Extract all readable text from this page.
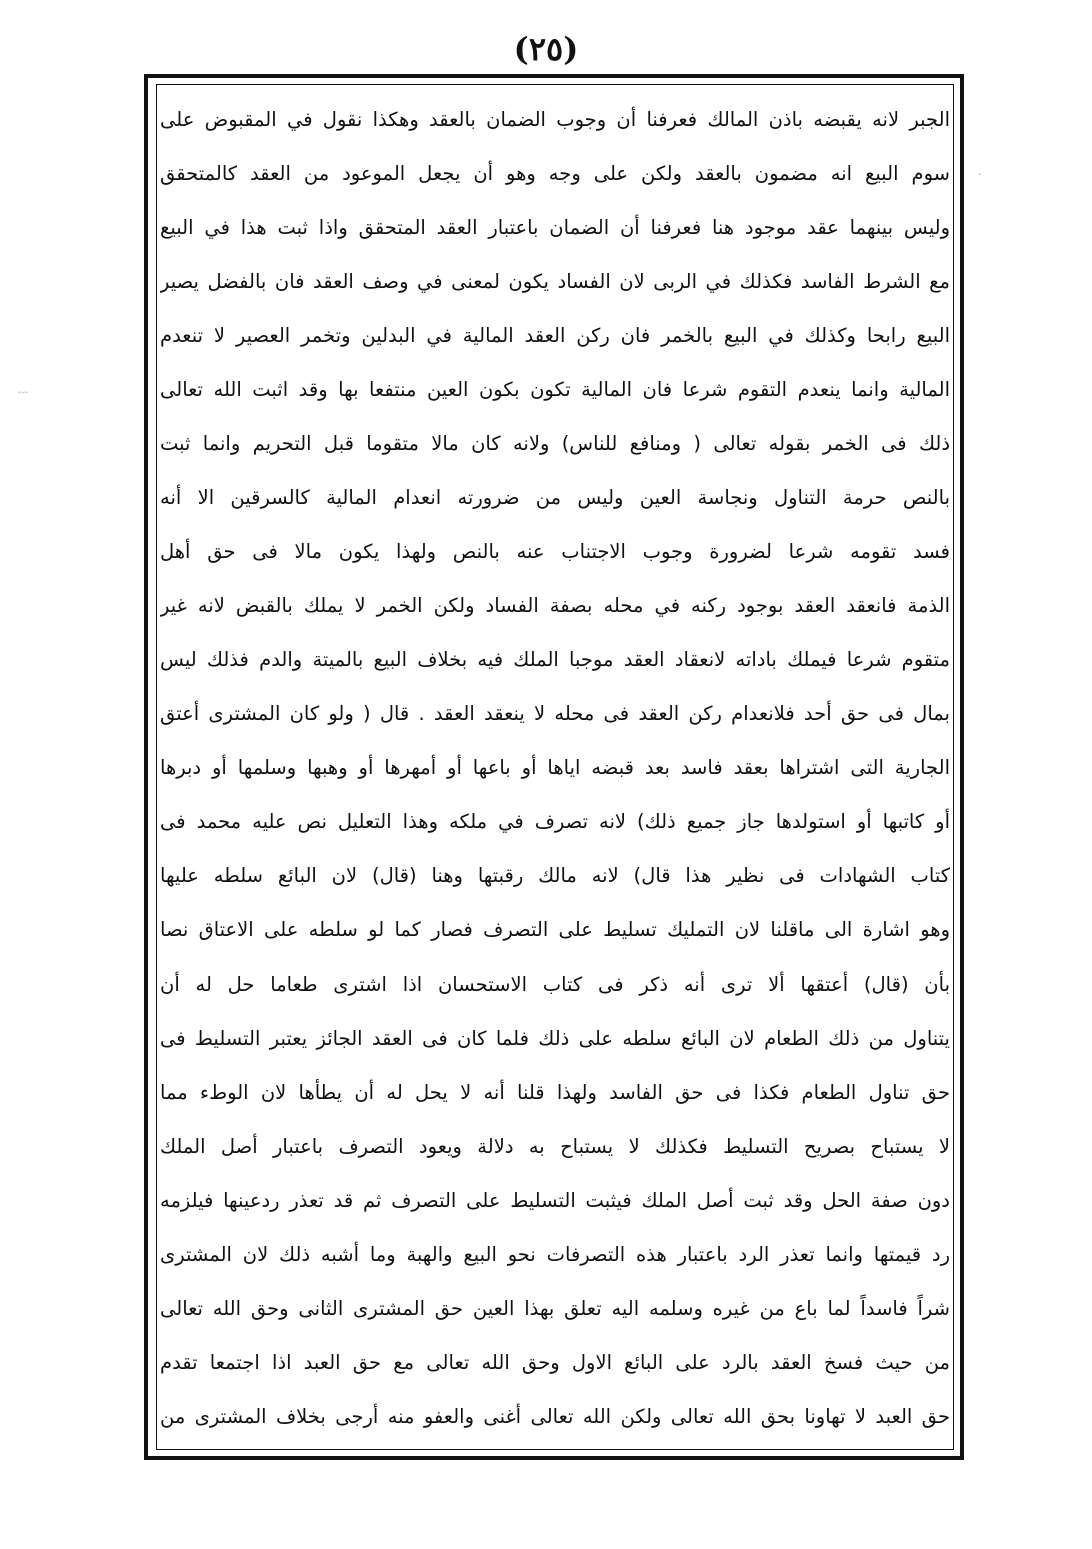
(٢٥)
﹏
·
الجبر لانه يقبضه باذن المالك فعرفنا أن وجوب الضمان بالعقد وهكذا نقول في المقبوض على
سوم البيع انه مضمون بالعقد ولكن على وجه وهو أن يجعل الموعود من العقد كالمتحقق
وليس بينهما عقد موجود هنا فعرفنا أن الضمان باعتبار العقد المتحقق واذا ثبت هذا في البيع
مع الشرط الفاسد فكذلك في الربى لان الفساد يكون لمعنى في وصف العقد فان بالفضل يصير
البيع رابحا وكذلك في البيع بالخمر فان ركن العقد المالية في البدلين وتخمر العصير لا تنعدم
المالية وانما ينعدم التقوم شرعا فان المالية تكون بكون العين منتفعا بها وقد اثبت الله تعالى
ذلك فى الخمر بقوله تعالى ( ومنافع للناس) ولانه كان مالا متقوما قبل التحريم وانما ثبت
بالنص حرمة التناول ونجاسة العين وليس من ضرورته انعدام المالية كالسرقين الا أنه
فسد تقومه شرعا لضرورة وجوب الاجتناب عنه بالنص ولهذا يكون مالا فى حق أهل
الذمة فانعقد العقد بوجود ركنه في محله بصفة الفساد ولكن الخمر لا يملك بالقبض لانه غير
متقوم شرعا فيملك باداته لانعقاد العقد موجبا الملك فيه بخلاف البيع بالميتة والدم فذلك ليس
بمال فى حق أحد فلانعدام ركن العقد فى محله لا ينعقد العقد . قال ( ولو كان المشترى أعتق
الجارية التى اشتراها بعقد فاسد بعد قبضه اياها أو باعها أو أمهرها أو وهبها وسلمها أو دبرها
أو كاتبها أو استولدها جاز جميع ذلك) لانه تصرف في ملكه وهذا التعليل نص عليه محمد فى
كتاب الشهادات فى نظير هذا قال) لانه مالك رقبتها وهنا (قال) لان البائع سلطه عليها
وهو اشارة الى ماقلنا لان التمليك تسليط على التصرف فصار كما لو سلطه على الاعتاق نصا
بأن (قال) أعتقها ألا ترى أنه ذكر فى كتاب الاستحسان اذا اشترى طعاما حل له أن
يتناول من ذلك الطعام لان البائع سلطه على ذلك فلما كان فى العقد الجائز يعتبر التسليط فى
حق تناول الطعام فكذا فى حق الفاسد ولهذا قلنا أنه لا يحل له أن يطأها لان الوطء مما
لا يستباح بصريح التسليط فكذلك لا يستباح به دلالة ويعود التصرف باعتبار أصل الملك
دون صفة الحل وقد ثبت أصل الملك فيثبت التسليط على التصرف ثم قد تعذر ردعينها فيلزمه
رد قيمتها وانما تعذر الرد باعتبار هذه التصرفات نحو البيع والهبة وما أشبه ذلك لان المشترى
شراً فاسداً لما باع من غيره وسلمه اليه تعلق بهذا العين حق المشترى الثانى وحق الله تعالى
من حيث فسخ العقد بالرد على البائع الاول وحق الله تعالى مع حق العبد اذا اجتمعا تقدم
حق العبد لا تهاونا بحق الله تعالى ولكن الله تعالى أغنى والعفو منه أرجى بخلاف المشترى من
